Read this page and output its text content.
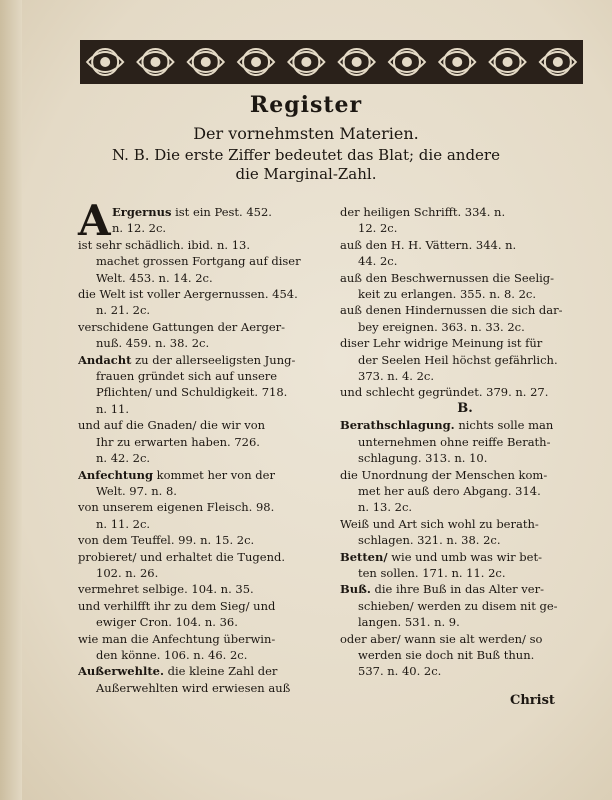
Register
Der vornehmsten Materien.
N. B. Die erste Ziffer bedeutet das Blat; die andere
die Marginal-Zahl.
A Ergernus ist ein Pest. 452.
n. 12. 2c.
ist sehr schädlich. ibid. n. 13.
machet grossen Fortgang auf diser
Welt. 453. n. 14. 2c.
die Welt ist voller Aergernussen. 454.
n. 21. 2c.
verschidene Gattungen der Aerger-
nuß. 459. n. 38. 2c.
Andacht zu der allerseeligsten Jung-
frauen gründet sich auf unsere
Pflichten/ und Schuldigkeit. 718.
n. 11.
und auf die Gnaden/ die wir von
Ihr zu erwarten haben. 726.
n. 42. 2c.
Anfechtung kommet her von der
Welt. 97. n. 8.
von unserem eigenen Fleisch. 98.
n. 11. 2c.
von dem Teuffel. 99. n. 15. 2c.
probieret/ und erhaltet die Tugend.
102. n. 26.
vermehret selbige. 104. n. 35.
und verhilfft ihr zu dem Sieg/ und
ewiger Cron. 104. n. 36.
wie man die Anfechtung überwin-
den könne. 106. n. 46. 2c.
Außerwehlte. die kleine Zahl der
Außerwehlten wird erwiesen auß
der heiligen Schrifft. 334. n.
12. 2c.
auß den H. H. Vättern. 344. n.
44. 2c.
auß den Beschwernussen die Seelig-
keit zu erlangen. 355. n. 8. 2c.
auß denen Hindernussen die sich dar-
bey ereignen. 363. n. 33. 2c.
diser Lehr widrige Meinung ist für
der Seelen Heil höchst gefährlich.
373. n. 4. 2c.
und schlecht gegründet. 379. n. 27.
B.
Berathschlagung. nichts solle man
unternehmen ohne reiffe Berath-
schlagung. 313. n. 10.
die Unordnung der Menschen kom-
met her auß dero Abgang. 314.
n. 13. 2c.
Weiß und Art sich wohl zu berath-
schlagen. 321. n. 38. 2c.
Betten/ wie und umb was wir bet-
ten sollen. 171. n. 11. 2c.
Buß. die ihre Buß in das Alter ver-
schieben/ werden zu disem nit ge-
langen. 531. n. 9.
oder aber/ wann sie alt werden/ so
werden sie doch nit Buß thun.
537. n. 40. 2c.
Christ
